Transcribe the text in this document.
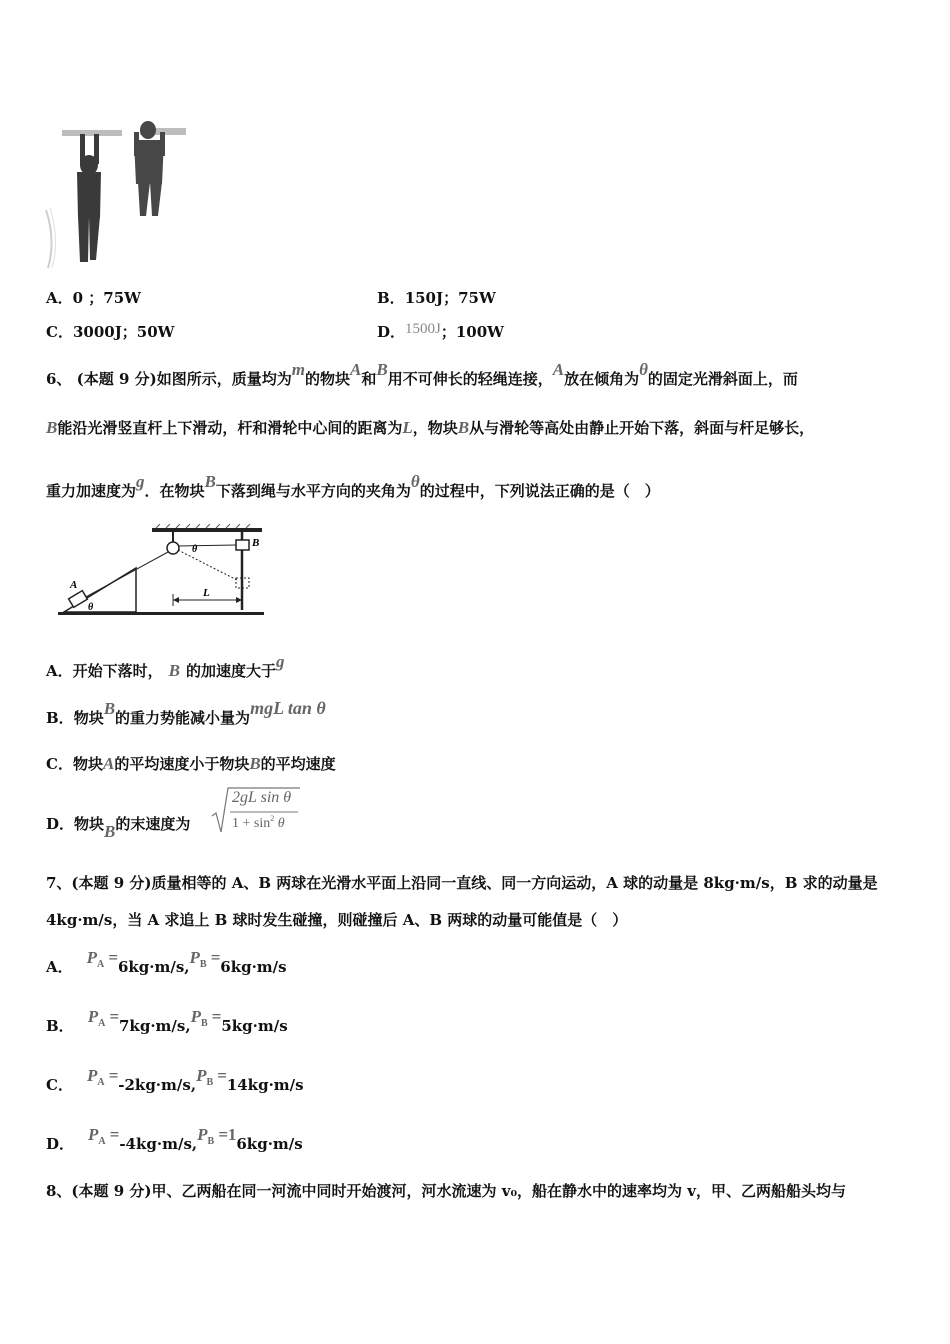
A．0 ；75W	B．150J；75W
C．3000J；50W	D．1500J；100W
6、 (本题 9 分)如图所示，质量均为m的物块A和B用不可伸长的轻绳连接，A放在倾角为θ的固定光滑斜面上，而
B能沿光滑竖直杆上下滑动，杆和滑轮中心间的距离为L，物块B从与滑轮等高处由静止开始下落，斜面与杆足够长，
重力加速度为g．在物块B下落到绳与水平方向的夹角为θ的过程中，下列说法正确的是（　）
A
θ
B
θ
L
A．开始下落时， B 的加速度大于g
B．物块B的重力势能减小量为mgL tan θ
C．物块A的平均速度小于物块B的平均速度
D．物块B的末速度为
2gL sin θ
$1 + \sin^2 \theta$
7、(本题 9 分)质量相等的 A、B 两球在光滑水平面上沿同一直线、同一方向运动，A 球的动量是 8kg·m/s，B 求的动量是
4kg·m/s，当 A 求追上 B 球时发生碰撞，则碰撞后 A、B 两球的动量可能值是（　）
A． $P^A =6kg\cdot m/s,P^B =6kg\cdot m/s$
B． $P^A =7kg\cdot m/s,P^B =5kg\cdot m/s$
C． $P^A =-2kg\cdot m/s,P^B =14kg\cdot m/s$
D． $P^A =-4kg\cdot m/s,P^B =16kg\cdot m/s$
8、(本题 9 分)甲、乙两船在同一河流中同时开始渡河，河水流速为 v₀，船在静水中的速率均为 v，甲、乙两船船头均与
